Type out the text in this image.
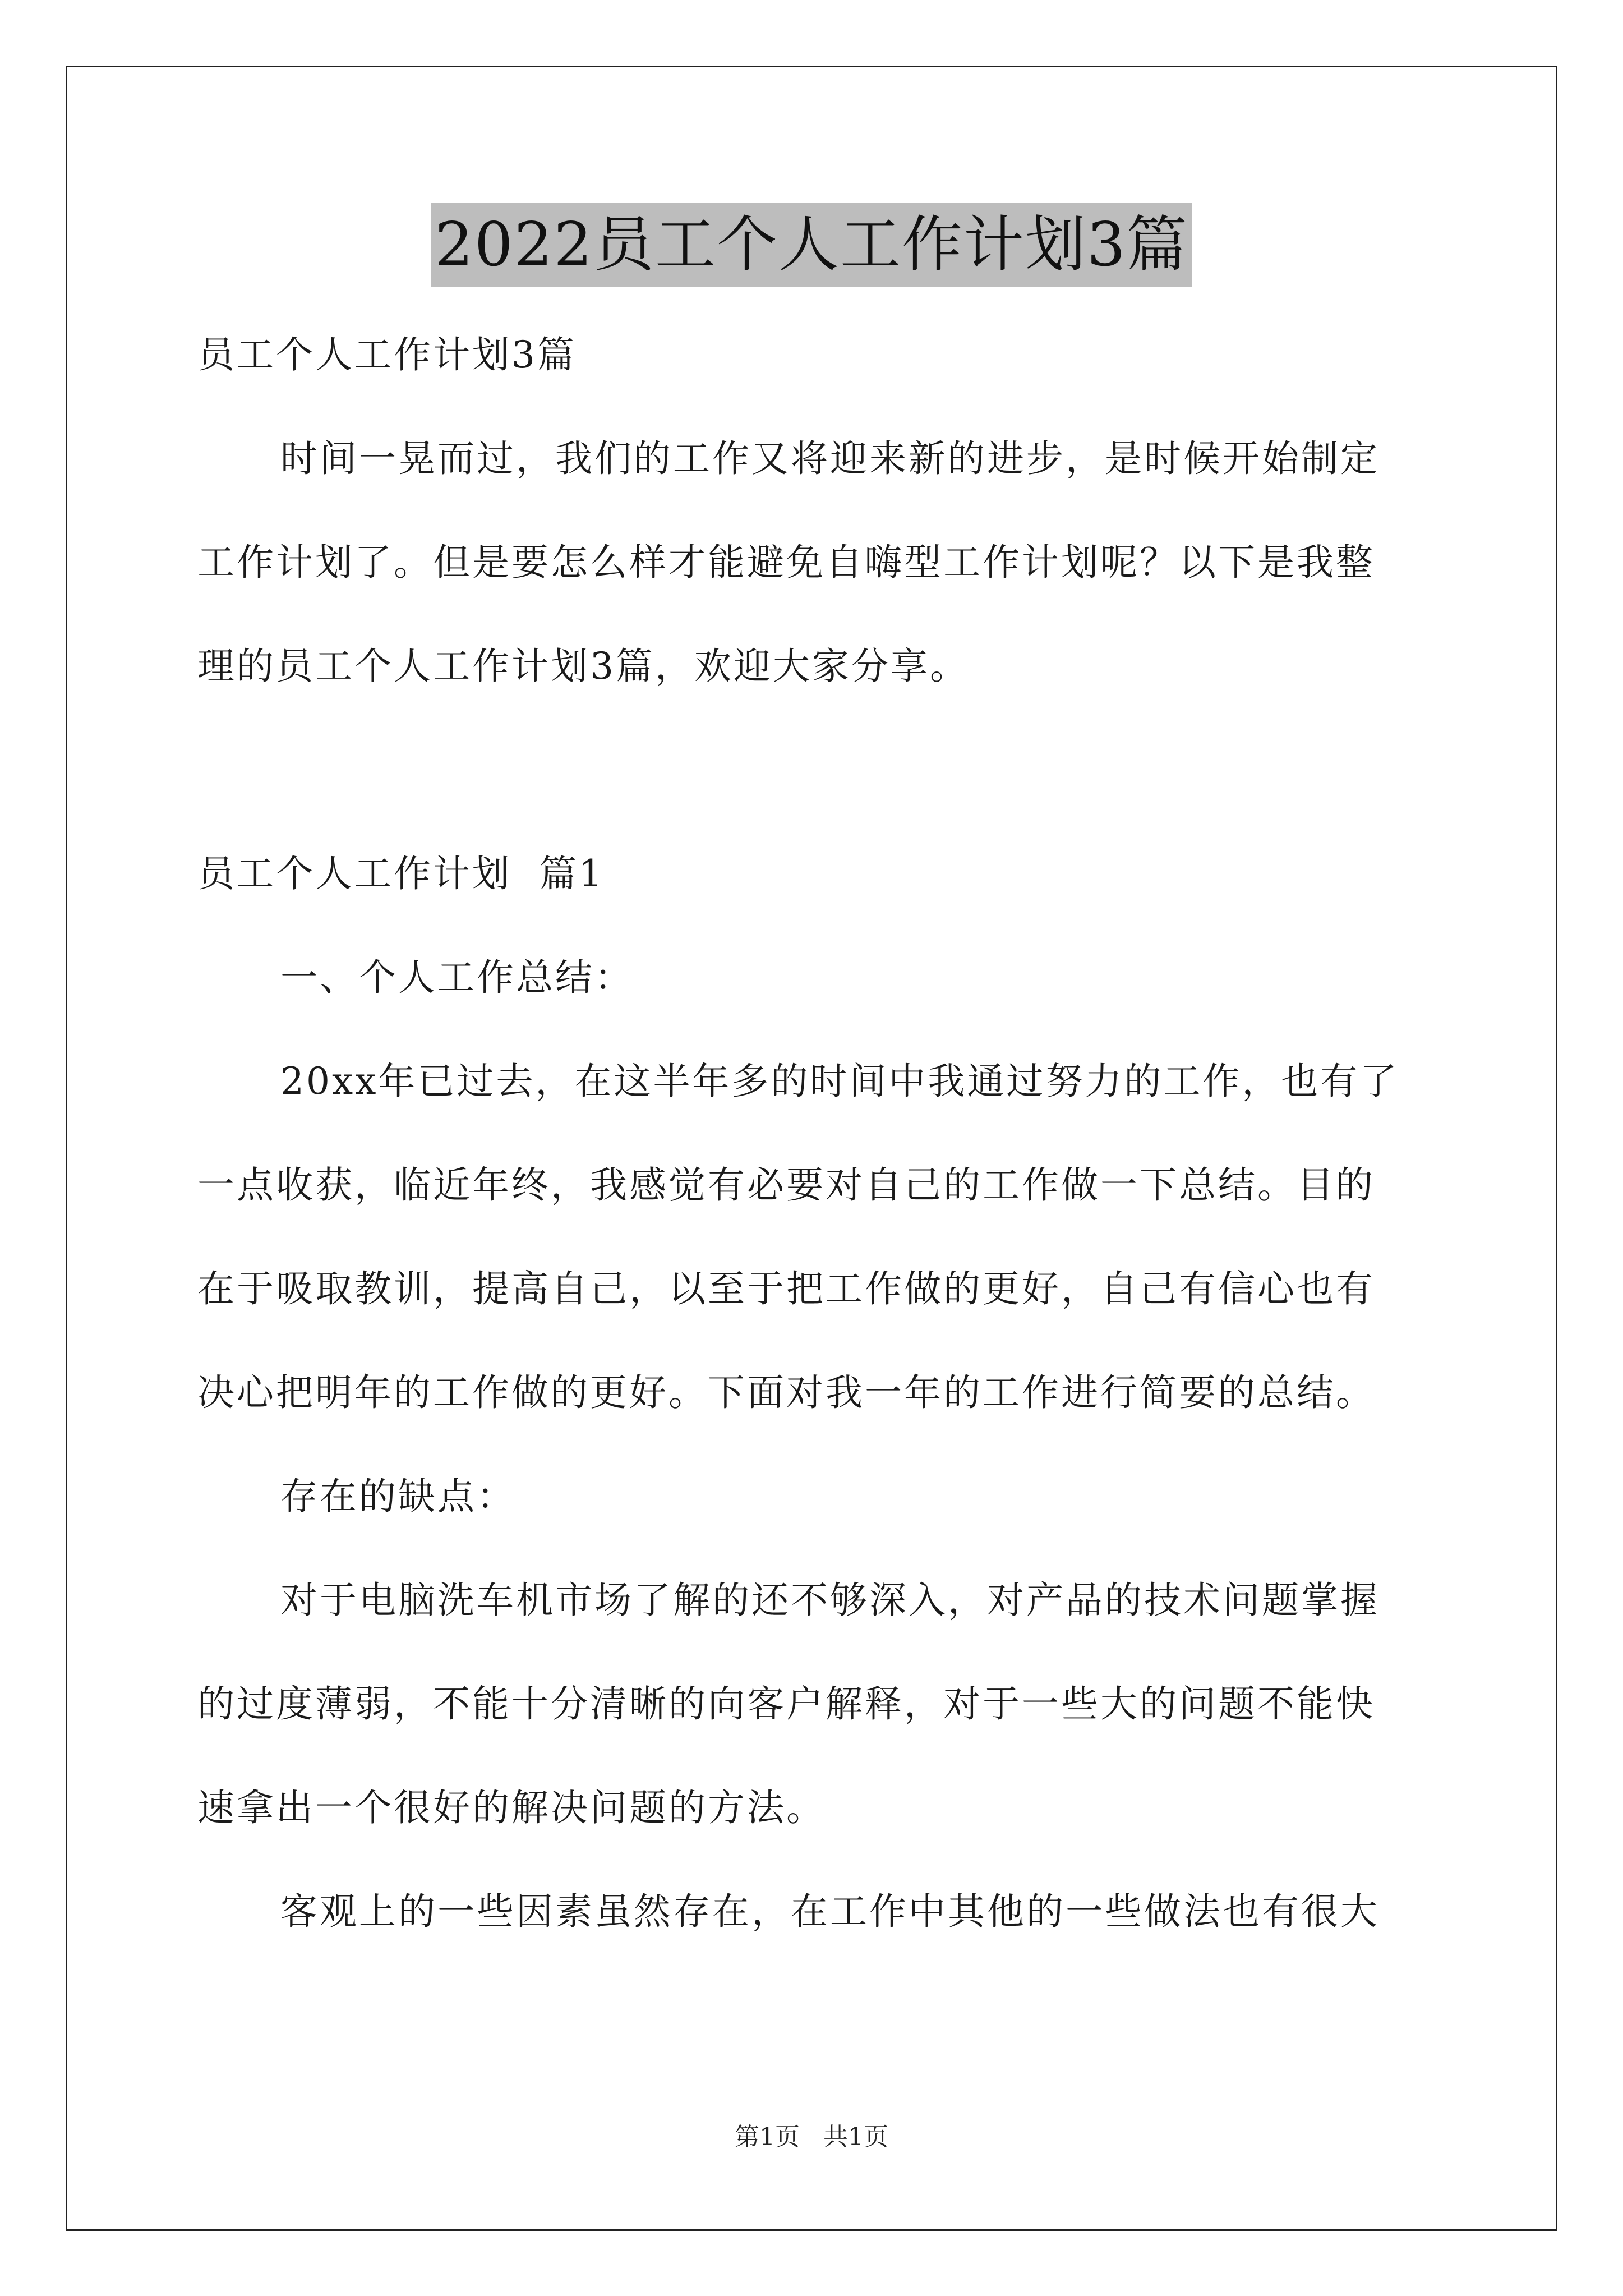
2022员工个人工作计划3篇

员工个人工作计划3篇

时间一晃而过，我们的工作又将迎来新的进步，是时候开始制定

工作计划了。但是要怎么样才能避免自嗨型工作计划呢？以下是我整

理的员工个人工作计划3篇，欢迎大家分享。

员工个人工作计划  篇1

一、个人工作总结：

20xx年已过去，在这半年多的时间中我通过努力的工作，也有了

一点收获，临近年终，我感觉有必要对自己的工作做一下总结。目的

在于吸取教训，提高自己，以至于把工作做的更好，自己有信心也有

决心把明年的工作做的更好。下面对我一年的工作进行简要的总结。

存在的缺点：

对于电脑洗车机市场了解的还不够深入，对产品的技术问题掌握

的过度薄弱，不能十分清晰的向客户解释，对于一些大的问题不能快

速拿出一个很好的解决问题的方法。

客观上的一些因素虽然存在，在工作中其他的一些做法也有很大

第1页   共1页
